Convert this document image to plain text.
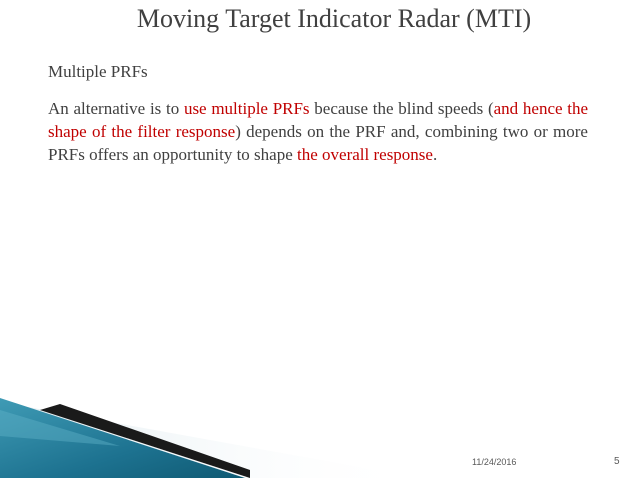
Moving Target Indicator Radar (MTI)
Multiple PRFs
An alternative is to use multiple PRFs because the blind speeds (and hence the shape of the filter response) depends on the PRF and, combining two or more PRFs offers an opportunity to shape the overall response.
11/24/2016	5
